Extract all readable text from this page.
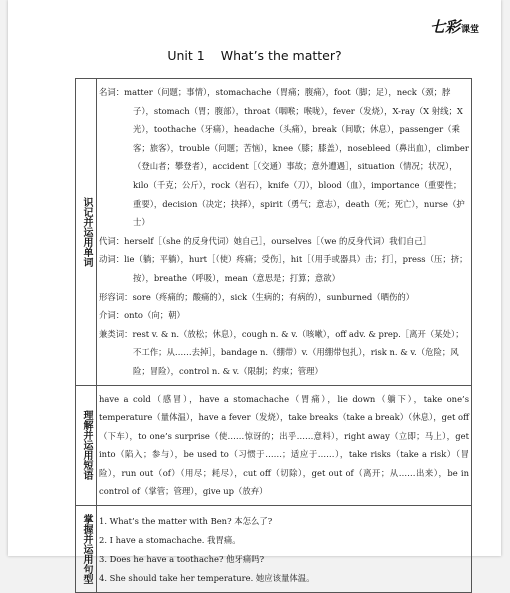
七彩课堂
Unit 1 What’s the matter?
识记并运用单词

名词：matter（问题；事情），stomachache（胃痛；腹痛），foot（脚；足），neck（颈；脖子），stomach（胃；腹部），throat（咽喉；喉咙），fever（发烧），X-ray（X 射线；X光），toothache（牙痛），headache（头痛），break（间歇；休息），passenger（乘客；旅客），trouble（问题；苦恼），knee（膝；膝盖），nosebleed（鼻出血），climber（登山者；攀登者），accident［（交通）事故；意外遭遇］，situation（情况；状况），kilo（千克；公斤），rock（岩石），knife（刀），blood（血），importance（重要性；重要），decision（决定；抉择），spirit（勇气；意志），death（死；死亡），nurse（护士）

代词：herself［（she 的反身代词）她自己］，ourselves［（we 的反身代词）我们自己］

动词：lie（躺；平躺），hurt［（使）疼痛；受伤］，hit［（用手或器具）击；打］，press（压；挤；按），breathe（呼吸），mean（意思是；打算；意欲）

形容词：sore（疼痛的；酸痛的），sick（生病的；有病的），sunburned（晒伤的）

介词：onto（向；朝）

兼类词：rest v. & n.（放松；休息），cough n. & v.（咳嗽），off adv. & prep.［离开（某处）；不工作；从……去掉］，bandage n.（绷带）v.（用绷带包扎），risk n. & v.（危险；风险；冒险），control n. & v.（限制；约束；管理）

理解并运用短语

have a cold（感冒），have a stomachache（胃痛），lie down（躺下），take one’s temperature（量体温），have a fever（发烧），take breaks（take a break）（休息），get off（下车），to one’s surprise（使……惊讶的；出乎……意料），right away（立即；马上），get into（陷入；参与），be used to（习惯于……；适应于……），take risks（take a risk）（冒险），run out（of）（用尽；耗尽），cut off（切除），get out of（离开；从……出来），be in control of（掌管；管理），give up（放弃）

掌握并运用句型 1. What’s the matter with Ben? 本怎么了?

2. I have a stomachache. 我胃痛。

3. Does he have a toothache? 他牙痛吗?

4. She should take her temperature. 她应该量体温。
